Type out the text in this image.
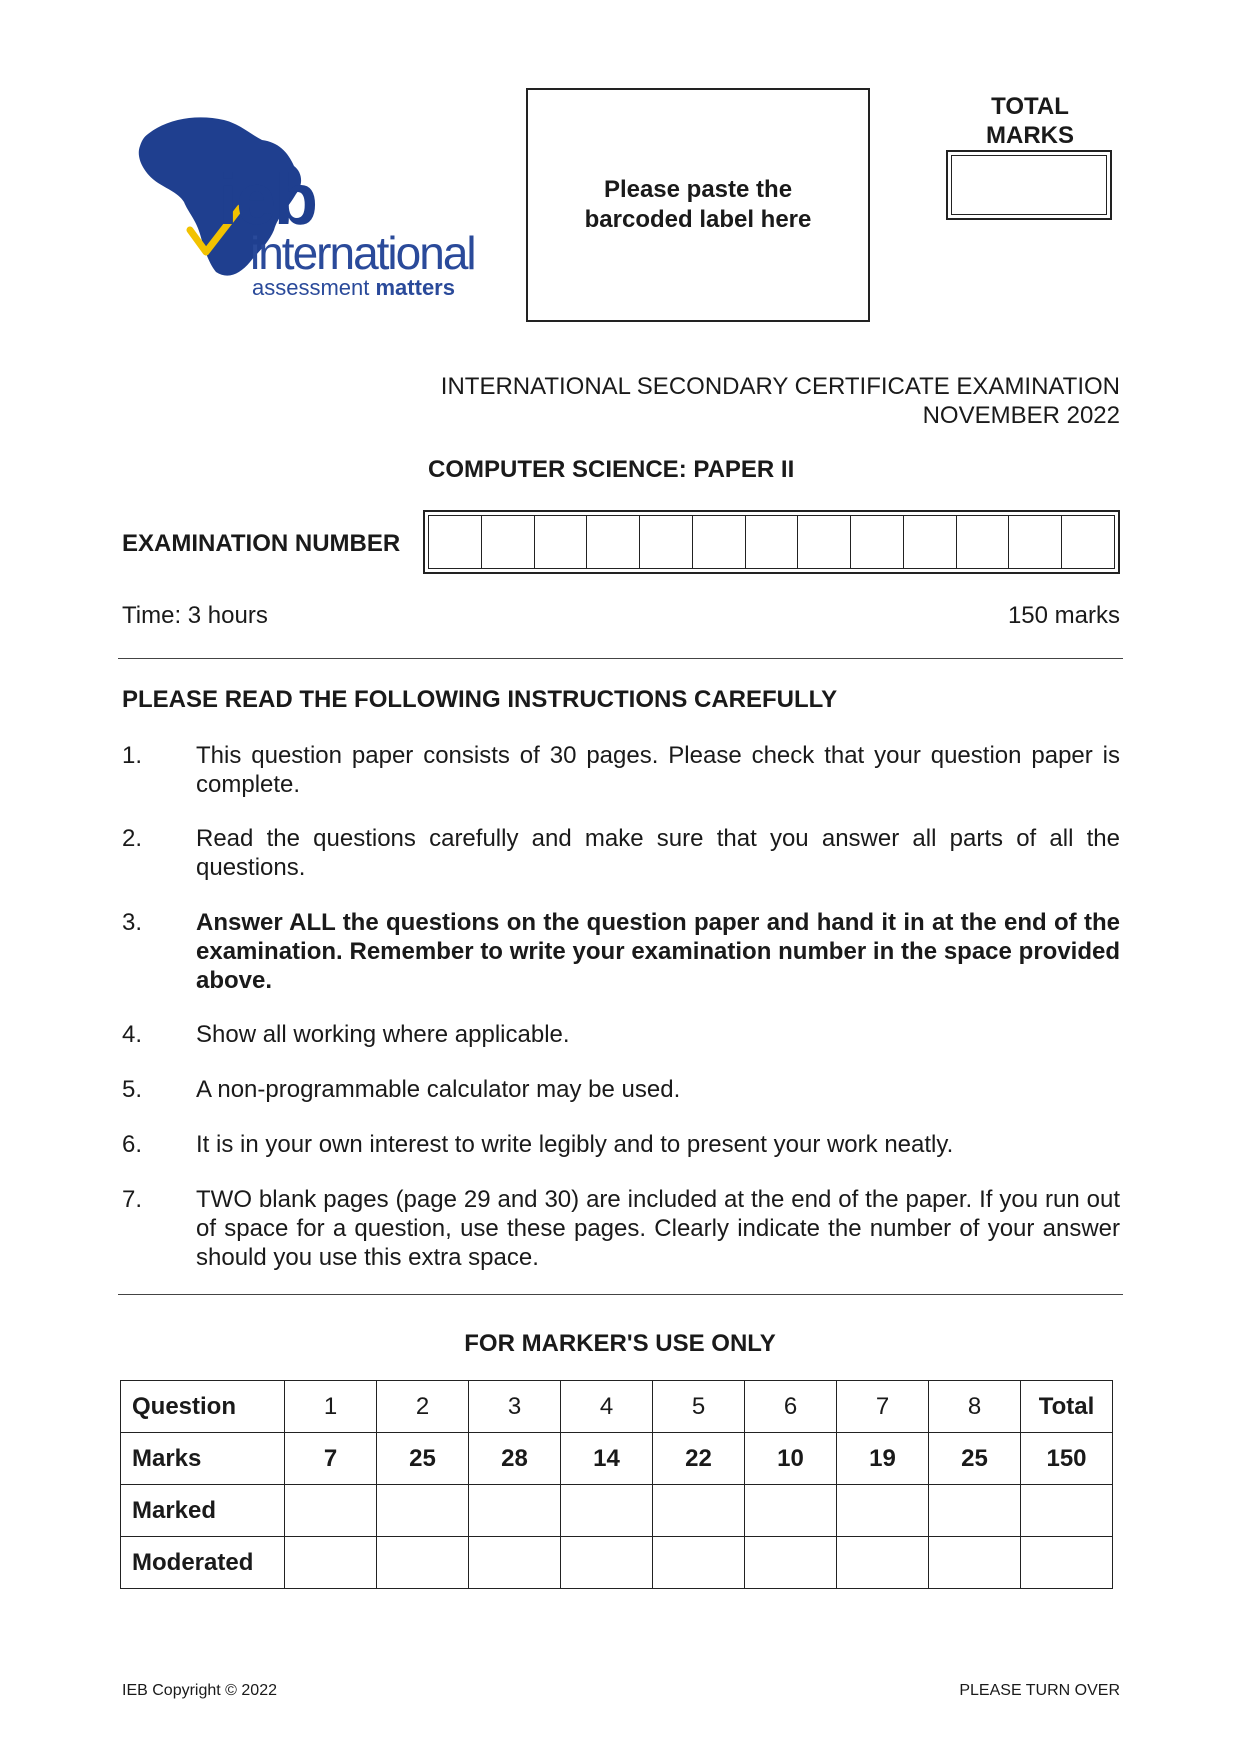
ieb
international
assessment matters
Please paste the barcoded label here
TOTAL
MARKS
INTERNATIONAL SECONDARY CERTIFICATE EXAMINATION
NOVEMBER 2022
COMPUTER SCIENCE: PAPER II
EXAMINATION NUMBER
Time: 3 hours	150 marks
PLEASE READ THE FOLLOWING INSTRUCTIONS CAREFULLY
1.	This question paper consists of 30 pages. Please check that your question paper is complete.
2.	Read the questions carefully and make sure that you answer all parts of all the questions.
3.	Answer ALL the questions on the question paper and hand it in at the end of the examination. Remember to write your examination number in the space provided above.
4.	Show all working where applicable.
5.	A non-programmable calculator may be used.
6.	It is in your own interest to write legibly and to present your work neatly.
7.	TWO blank pages (page 29 and 30) are included at the end of the paper. If you run out of space for a question, use these pages. Clearly indicate the number of your answer should you use this extra space.
FOR MARKER'S USE ONLY
Question	1	2	3	4	5	6	7	8	Total
Marks	7	25	28	14	22	10	19	25	150
Marked									
Moderated									
IEB Copyright © 2022	PLEASE TURN OVER
